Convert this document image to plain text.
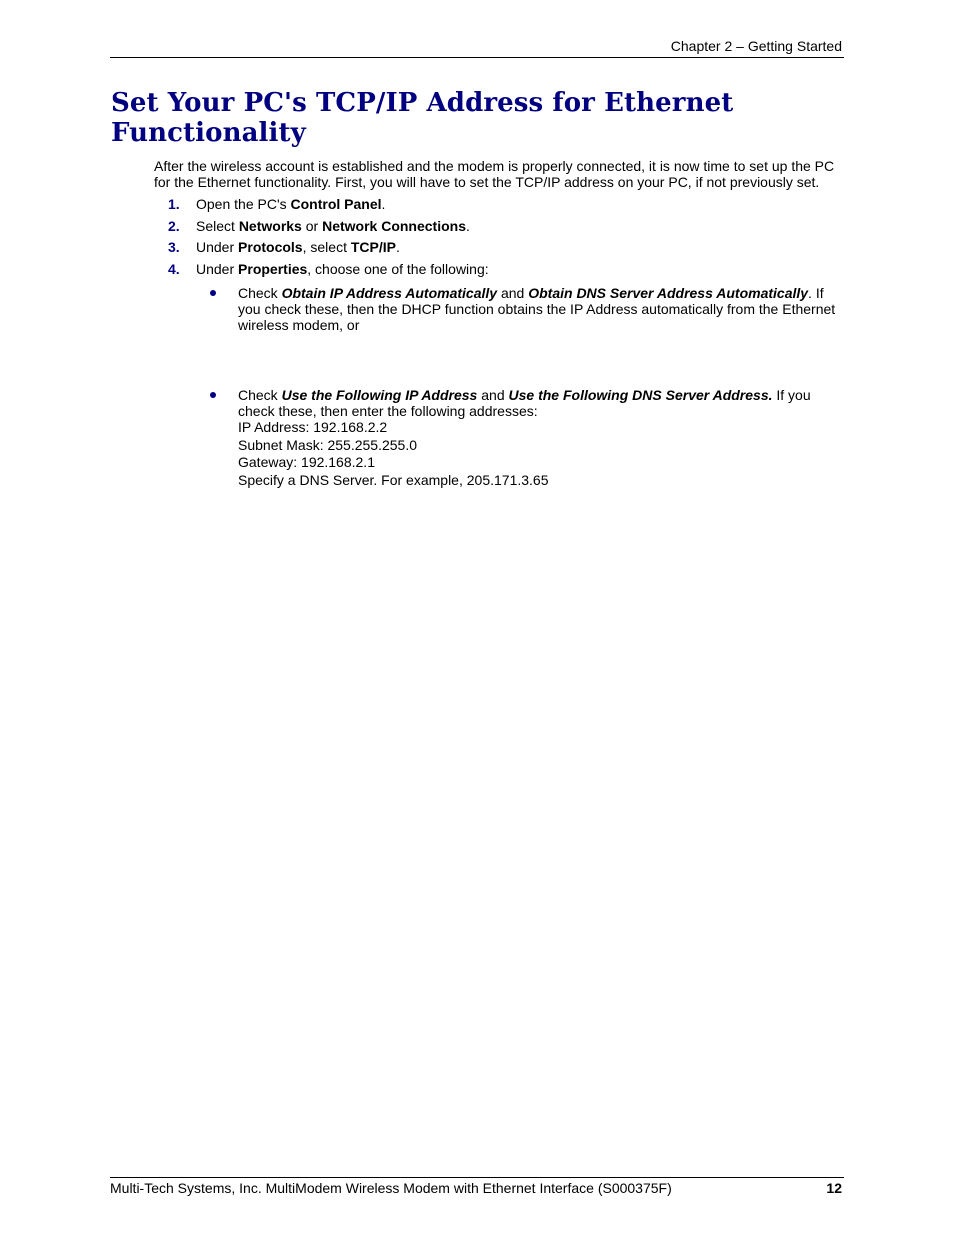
Chapter 2 – Getting Started
Set Your PC's TCP/IP Address for Ethernet Functionality

After the wireless account is established and the modem is properly connected, it is now time to set up the PC for the Ethernet functionality. First, you will have to set the TCP/IP address on your PC, if not previously set.

1. Open the PC's Control Panel.
2. Select Networks or Network Connections.
3. Under Protocols, select TCP/IP.
4. Under Properties, choose one of the following:
Check Obtain IP Address Automatically and Obtain DNS Server Address Automatically. If you check these, then the DHCP function obtains the IP Address automatically from the Ethernet wireless modem, or
Check Use the Following IP Address and Use the Following DNS Server Address. If you check these, then enter the following addresses:
IP Address: 192.168.2.2
Subnet Mask: 255.255.255.0
Gateway: 192.168.2.1
Specify a DNS Server. For example, 205.171.3.65
Multi-Tech Systems, Inc. MultiModem Wireless Modem with Ethernet Interface (S000375F)	12
